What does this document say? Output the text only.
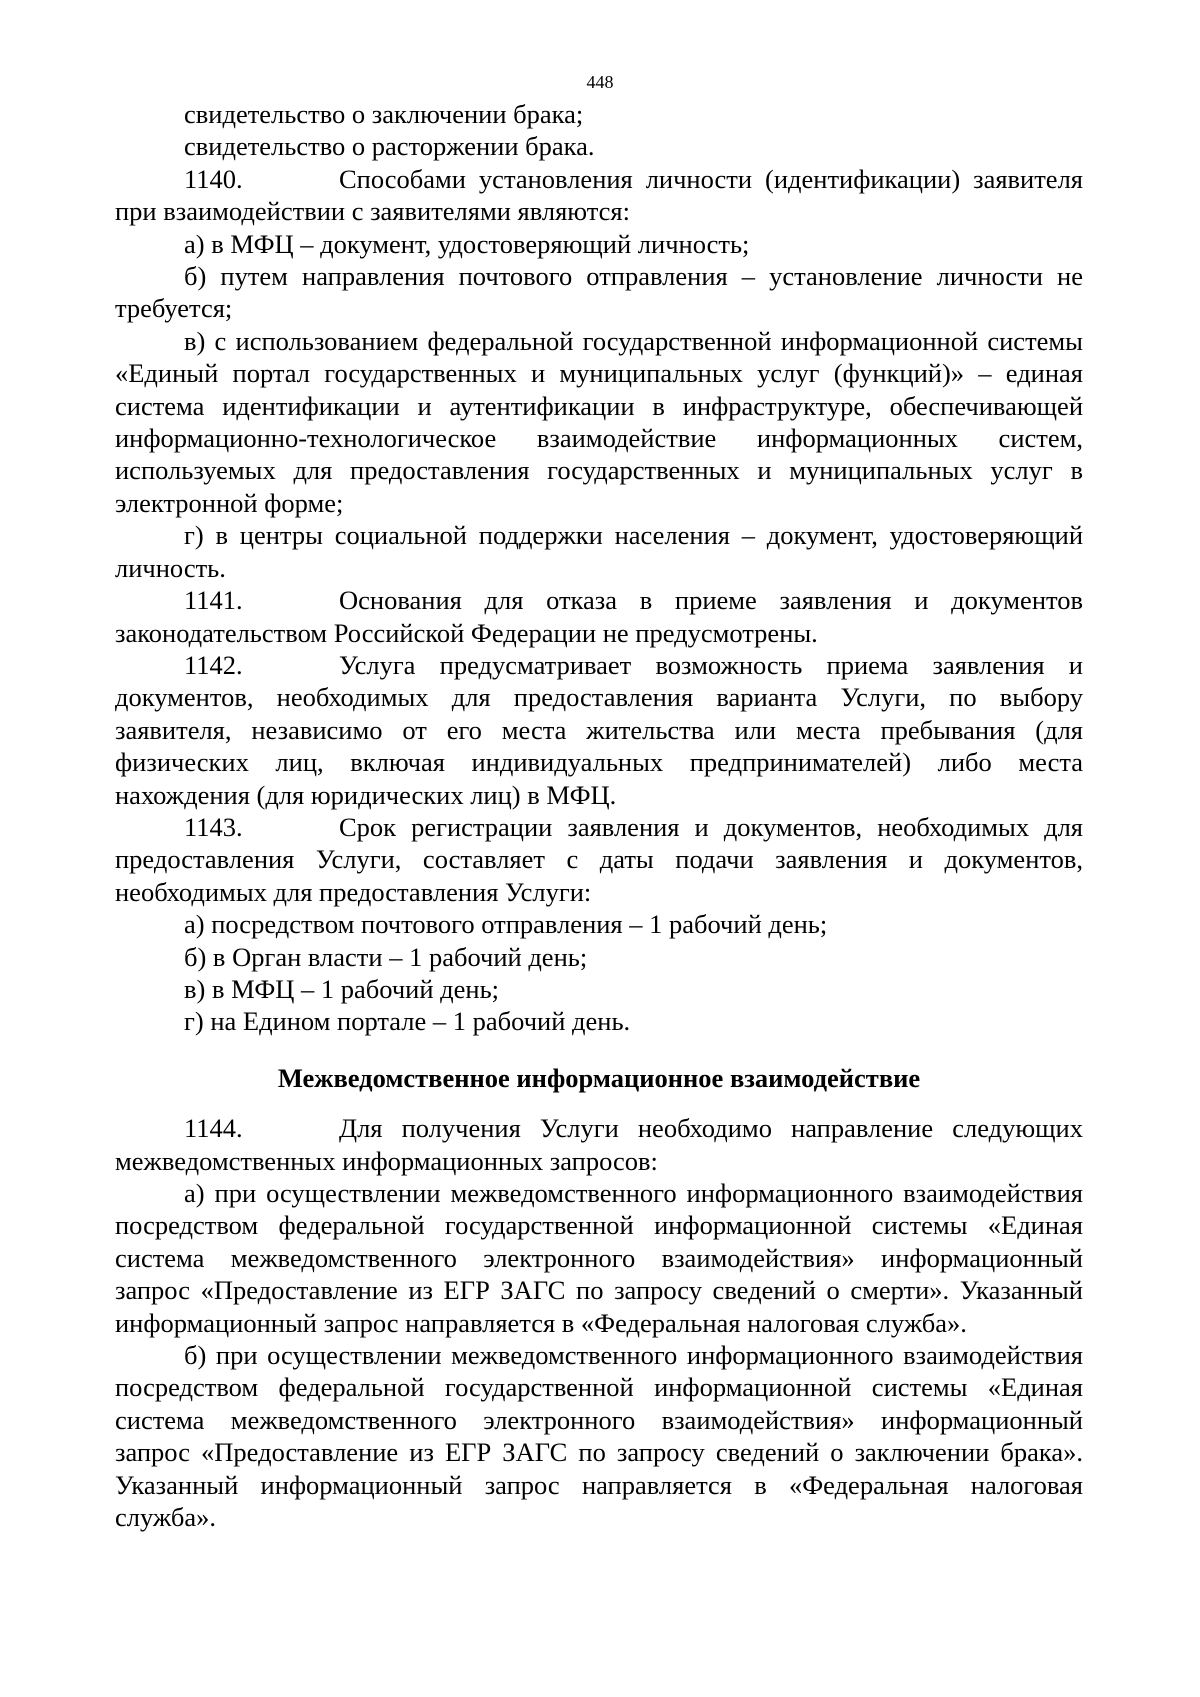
448

свидетельство о заключении брака;

свидетельство о расторжении брака.

1140.	Способами установления личности (идентификации) заявителя при взаимодействии с заявителями являются:

а) в МФЦ – документ, удостоверяющий личность;

б) путем направления почтового отправления – установление личности не требуется;

в) с использованием федеральной государственной информационной системы «Единый портал государственных и муниципальных услуг (функций)» – единая система идентификации и аутентификации в инфраструктуре, обеспечивающей информационно-технологическое взаимодействие информационных систем, используемых для предоставления государственных и муниципальных услуг в электронной форме;

г) в центры социальной поддержки населения – документ, удостоверяющий личность.

1141.	Основания для отказа в приеме заявления и документов законодательством Российской Федерации не предусмотрены.

1142.	Услуга предусматривает возможность приема заявления и документов, необходимых для предоставления варианта Услуги, по выбору заявителя, независимо от его места жительства или места пребывания (для физических лиц, включая индивидуальных предпринимателей) либо места нахождения (для юридических лиц) в МФЦ.

1143.	Срок регистрации заявления и документов, необходимых для предоставления Услуги, составляет с даты подачи заявления и документов, необходимых для предоставления Услуги:

а) посредством почтового отправления – 1 рабочий день;

б) в Орган власти – 1 рабочий день;

в) в МФЦ – 1 рабочий день;

г) на Едином портале – 1 рабочий день.

Межведомственное информационное взаимодействие

1144.	Для получения Услуги необходимо направление следующих межведомственных информационных запросов:

а) при осуществлении межведомственного информационного взаимодействия посредством федеральной государственной информационной системы «Единая система межведомственного электронного взаимодействия» информационный запрос «Предоставление из ЕГР ЗАГС по запросу сведений о смерти». Указанный информационный запрос направляется в «Федеральная налоговая служба».

б) при осуществлении межведомственного информационного взаимодействия посредством федеральной государственной информационной системы «Единая система межведомственного электронного взаимодействия» информационный запрос «Предоставление из ЕГР ЗАГС по запросу сведений о заключении брака». Указанный информационный запрос направляется в «Федеральная налоговая служба».
